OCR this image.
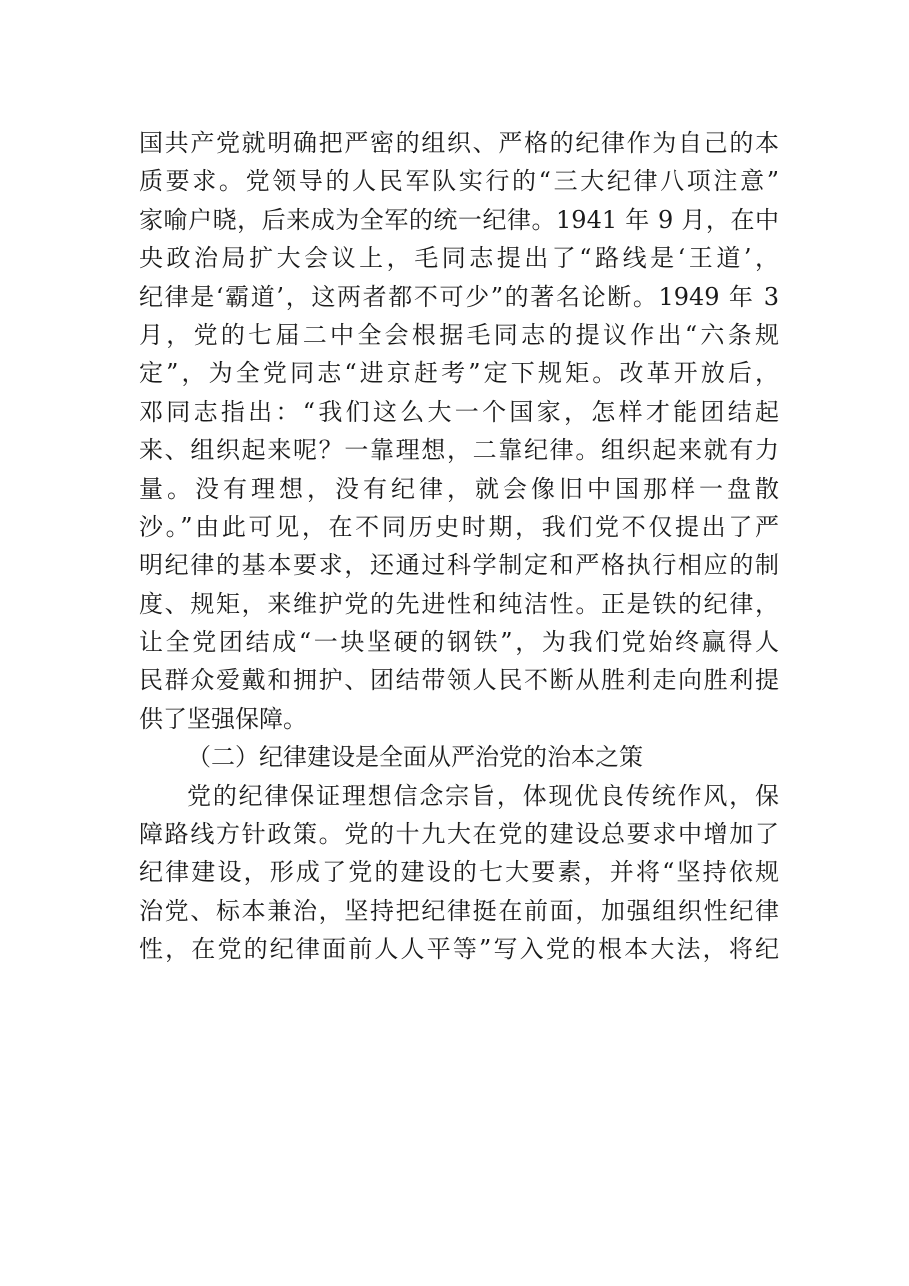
国共产党就明确把严密的组织、严格的纪律作为自己的本
质要求。党领导的人民军队实行的“三大纪律八项注意”
家喻户晓，后来成为全军的统一纪律。1941 年 9 月，在中
央政治局扩大会议上，毛同志提出了“路线是‘王道’，
纪律是‘霸道’，这两者都不可少”的著名论断。1949 年 3
月，党的七届二中全会根据毛同志的提议作出“六条规
定”，为全党同志“进京赶考”定下规矩。改革开放后，
邓同志指出：“我们这么大一个国家，怎样才能团结起
来、组织起来呢？一靠理想，二靠纪律。组织起来就有力
量。没有理想，没有纪律，就会像旧中国那样一盘散
沙。”由此可见，在不同历史时期，我们党不仅提出了严
明纪律的基本要求，还通过科学制定和严格执行相应的制
度、规矩，来维护党的先进性和纯洁性。正是铁的纪律，
让全党团结成“一块坚硬的钢铁”，为我们党始终赢得人
民群众爱戴和拥护、团结带领人民不断从胜利走向胜利提
供了坚强保障。
（二）纪律建设是全面从严治党的治本之策
党的纪律保证理想信念宗旨，体现优良传统作风，保
障路线方针政策。党的十九大在党的建设总要求中增加了
纪律建设，形成了党的建设的七大要素，并将“坚持依规
治党、标本兼治，坚持把纪律挺在前面，加强组织性纪律
性，在党的纪律面前人人平等”写入党的根本大法，将纪
